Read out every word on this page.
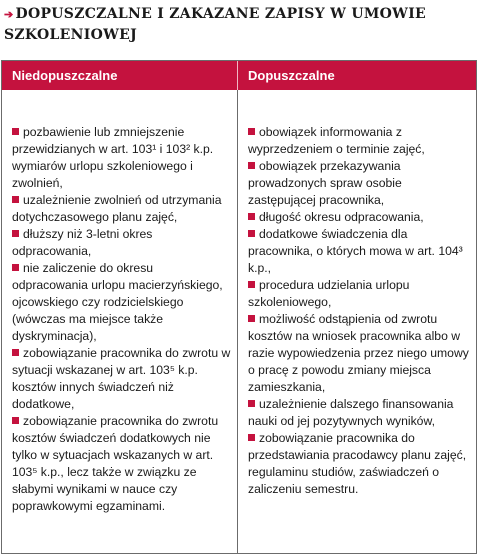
➔ DOPUSZCZALNE I ZAKAZANE ZAPISY W UMOWIE
SZKOLENIOWEJ
Niedopuszczalne	Dopuszczalne

pozbawienie lub zmniejszenie przewidzianych w art. 103¹ i 103² k.p. wymiarów urlopu szkoleniowego i zwolnień,

uzależnienie zwolnień od utrzymania dotychczasowego planu zajęć,

dłuższy niż 3-letni okres odpracowania,

nie zaliczenie do okresu odpracowania urlopu macierzyńskiego, ojcowskiego czy rodzicielskiego (wówczas ma miejsce także dyskryminacja),

zobowiązanie pracownika do zwrotu w sytuacji wskazanej w art. 103⁵ k.p. kosztów innych świadczeń niż dodatkowe,

zobowiązanie pracownika do zwrotu kosztów świadczeń dodatkowych nie tylko w sytuacjach wskazanych w art. 103⁵ k.p., lecz także w związku ze słabymi wynikami w nauce czy poprawkowymi egzaminami.

obowiązek informowania z wyprzedzeniem o terminie zajęć,

obowiązek przekazywania prowadzonych spraw osobie zastępującej pracownika,

długość okresu odpracowania,

dodatkowe świadczenia dla pracownika, o których mowa w art. 104³ k.p.,

procedura udzielania urlopu szkoleniowego,

możliwość odstąpienia od zwrotu kosztów na wniosek pracownika albo w razie wypowiedzenia przez niego umowy o pracę z powodu zmiany miejsca zamieszkania,

uzależnienie dalszego finansowania nauki od jej pozytywnych wyników,

zobowiązanie pracownika do przedstawiania pracodawcy planu zajęć, regulaminu studiów, zaświadczeń o zaliczeniu semestru.
